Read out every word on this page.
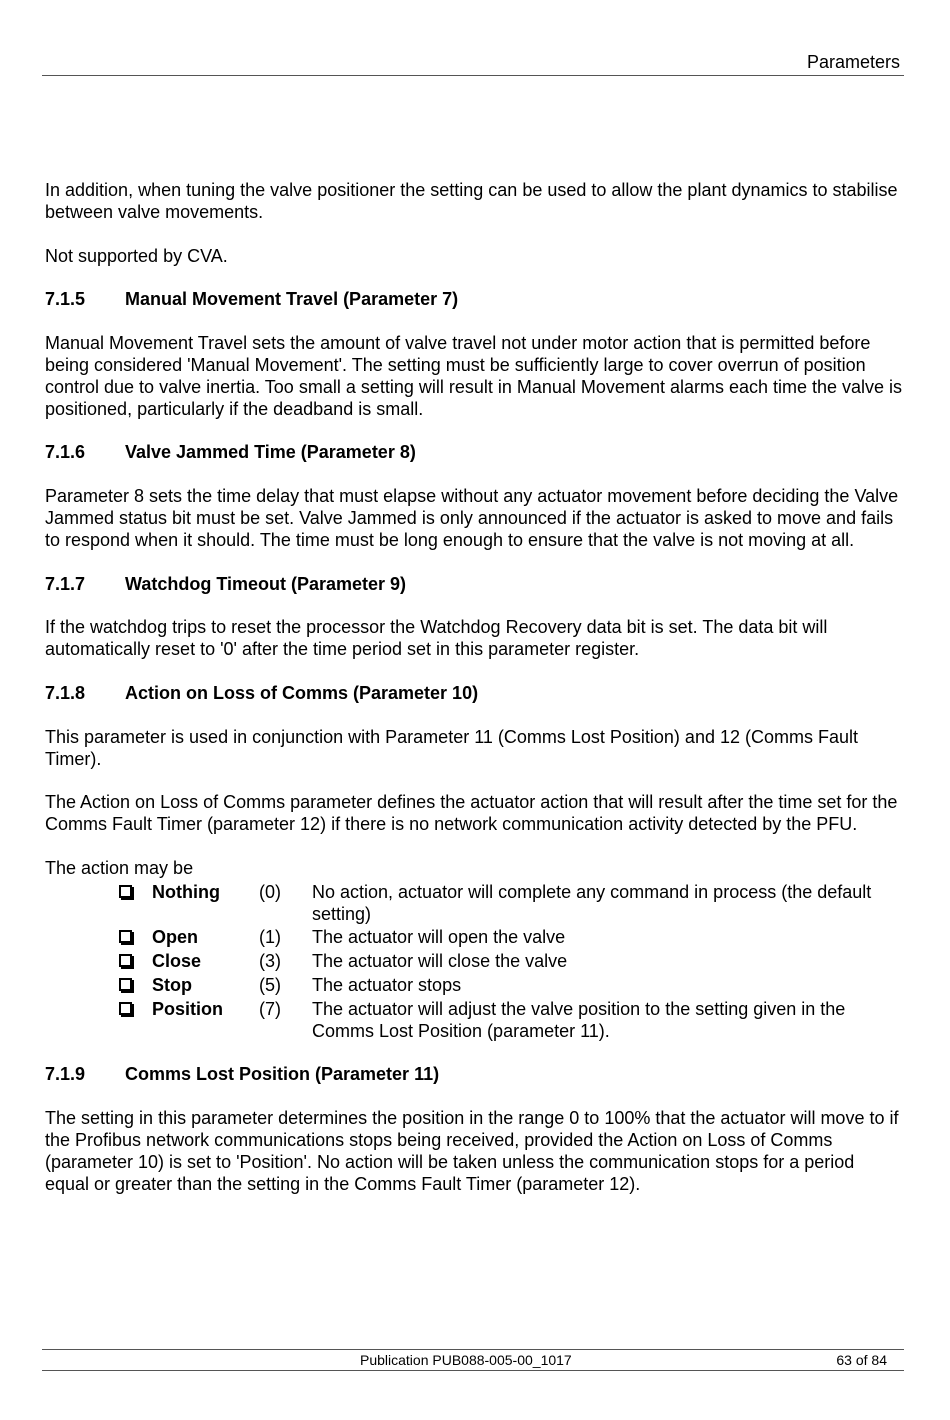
Parameters

In addition, when tuning the valve positioner the setting can be used to allow the plant dynamics to stabilise between valve movements.

Not supported by CVA.

7.1.5	Manual Movement Travel (Parameter 7)

Manual Movement Travel sets the amount of valve travel not under motor action that is permitted before being considered 'Manual Movement'. The setting must be sufficiently large to cover overrun of position control due to valve inertia. Too small a setting will result in Manual Movement alarms each time the valve is positioned, particularly if the deadband is small.

7.1.6	Valve Jammed Time (Parameter 8)

Parameter 8 sets the time delay that must elapse without any actuator movement before deciding the Valve Jammed status bit must be set. Valve Jammed is only announced if the actuator is asked to move and fails to respond when it should. The time must be long enough to ensure that the valve is not moving at all.

7.1.7	Watchdog Timeout (Parameter 9)

If the watchdog trips to reset the processor the Watchdog Recovery data bit is set. The data bit will automatically reset to '0' after the time period set in this parameter register.

7.1.8	Action on Loss of Comms (Parameter 10)

This parameter is used in conjunction with Parameter 11 (Comms Lost Position) and 12 (Comms Fault Timer).

The Action on Loss of Comms parameter defines the actuator action that will result after the time set for the Comms Fault Timer (parameter 12) if there is no network communication activity detected by the PFU.

The action may be

Nothing	(0)	No action, actuator will complete any command in process (the default setting)
Open	(1)	The actuator will open the valve
Close	(3)	The actuator will close the valve
Stop	(5)	The actuator stops
Position	(7)	The actuator will adjust the valve position to the setting given in the Comms Lost Position (parameter 11).
7.1.9	Comms Lost Position (Parameter 11)

The setting in this parameter determines the position in the range 0 to 100% that the actuator will move to if the Profibus network communications stops being received, provided the Action on Loss of Comms (parameter 10) is set to 'Position'. No action will be taken unless the communication stops for a period equal or greater than the setting in the Comms Fault Timer (parameter 12).

Publication PUB088-005-00_1017	63 of 84
